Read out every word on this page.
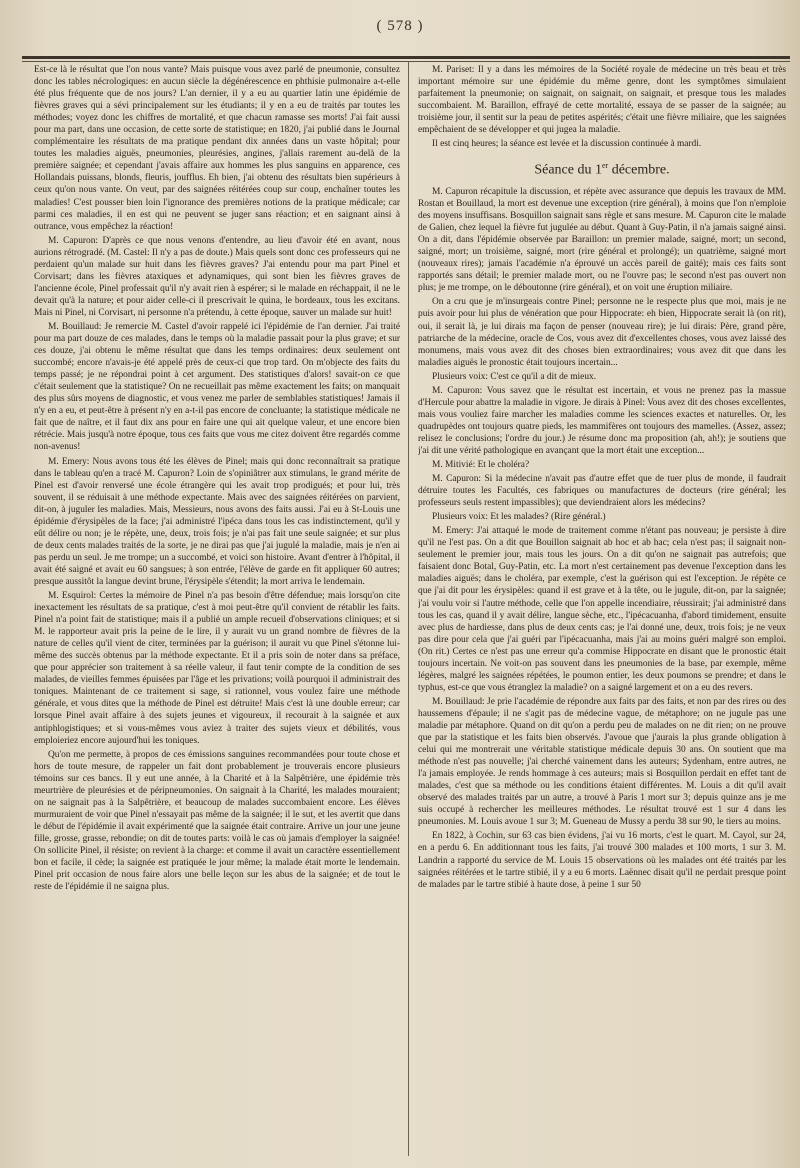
( 578 )

Est-ce là le résultat que l'on nous vante? Mais puisque vous avez parlé de pneumonie, consultez donc les tables nécrologiques: en aucun siècle la dégénérescence en phthisie pulmonaire a-t-elle été plus fréquente que de nos jours? L'an dernier, il y a eu au quartier latin une épidémie de fièvres graves qui a sévi principalement sur les étudiants; il y en a eu de traités par toutes les méthodes; voyez donc les chiffres de mortalité, et que chacun ramasse ses morts! J'ai fait aussi pour ma part, dans une occasion, de cette sorte de statistique; en 1820, j'ai publié dans le Journal complémentaire les résultats de ma pratique pendant dix années dans un vaste hôpital; pour toutes les maladies aiguës, pneumonies, pleurésies, angines, j'allais rarement au-delà de la première saignée; et cependant j'avais affaire aux hommes les plus sanguins en apparence, ces Hollandais puissans, blonds, fleuris, joufflus. Eh bien, j'ai obtenu des résultats bien supérieurs à ceux qu'on nous vante. On veut, par des saignées réitérées coup sur coup, enchaîner toutes les maladies! C'est pousser bien loin l'ignorance des premières notions de la pratique médicale; car parmi ces maladies, il en est qui ne peuvent se juger sans réaction; et en saignant ainsi à outrance, vous empêchez la réaction!

M. Capuron: D'après ce que nous venons d'entendre, au lieu d'avoir été en avant, nous aurions rétrogradé. (M. Castel: Il n'y a pas de doute.) Mais quels sont donc ces professeurs qui ne perdaient qu'un malade sur huit dans les fièvres graves? J'ai entendu pour ma part Pinel et Corvisart; dans les fièvres ataxiques et adynamiques, qui sont bien les fièvres graves de l'ancienne école, Pinel professait qu'il n'y avait rien à espérer; si le malade en réchappait, il ne le devait qu'à la nature; et pour aider celle-ci il prescrivait le quina, le bordeaux, tous les excitans. Mais ni Pinel, ni Corvisart, ni personne n'a prétendu, à cette époque, sauver un malade sur huit!

M. Bouillaud: Je remercie M. Castel d'avoir rappelé ici l'épidémie de l'an dernier. J'ai traité pour ma part douze de ces malades, dans le temps où la maladie passait pour la plus grave; et sur ces douze, j'ai obtenu le même résultat que dans les temps ordinaires: deux seulement ont succombé; encore n'avais-je été appelé près de ceux-ci que trop tard. On m'objecte des faits du temps passé; je ne répondrai point à cet argument. Des statistiques d'alors! savait-on ce que c'était seulement que la statistique? On ne recueillait pas même exactement les faits; on manquait des plus sûrs moyens de diagnostic, et vous venez me parler de semblables statistiques! Jamais il n'y en a eu, et peut-être à présent n'y en a-t-il pas encore de concluante; la statistique médicale ne fait que de naître, et il faut dix ans pour en faire une qui ait quelque valeur, et une encore bien rétrécie. Mais jusqu'à notre époque, tous ces faits que vous me citez doivent être regardés comme non-avenus!

M. Emery: Nous avons tous été les élèves de Pinel; mais qui donc reconnaîtrait sa pratique dans le tableau qu'en a tracé M. Capuron? Loin de s'opiniâtrer aux stimulans, le grand mérite de Pinel est d'avoir renversé une école étrangère qui les avait trop prodigués; et pour lui, très souvent, il se réduisait à une méthode expectante. Mais avec des saignées réitérées on parvient, dit-on, à juguler les maladies. Mais, Messieurs, nous avons des faits aussi. J'ai eu à St-Louis une épidémie d'érysipèles de la face; j'ai administré l'ipéca dans tous les cas indistinctement, qu'il y eût délire ou non; je le répète, une, deux, trois fois; je n'ai pas fait une seule saignée; et sur plus de deux cents malades traités de la sorte, je ne dirai pas que j'ai jugulé la maladie, mais je n'en ai pas perdu un seul. Je me trompe; un a succombé, et voici son histoire. Avant d'entrer à l'hôpital, il avait été saigné et avait eu 60 sangsues; à son entrée, l'élève de garde en fit appliquer 60 autres; presque aussitôt la langue devint brune, l'érysipèle s'étendit; la mort arriva le lendemain.

M. Esquirol: Certes la mémoire de Pinel n'a pas besoin d'être défendue; mais lorsqu'on cite inexactement les résultats de sa pratique, c'est à moi peut-être qu'il convient de rétablir les faits. Pinel n'a point fait de statistique; mais il a publié un ample recueil d'observations cliniques; et si M. le rapporteur avait pris la peine de le lire, il y aurait vu un grand nombre de fièvres de la nature de celles qu'il vient de citer, terminées par la guérison; il aurait vu que Pinel s'étonne lui-même des succès obtenus par la méthode expectante. Et il a pris soin de noter dans sa préface, que pour apprécier son traitement à sa réelle valeur, il faut tenir compte de la condition de ses malades, de vieilles femmes épuisées par l'âge et les privations; voilà pourquoi il administrait des toniques. Maintenant de ce traitement si sage, si rationnel, vous voulez faire une méthode générale, et vous dites que la méthode de Pinel est détruite! Mais c'est là une double erreur; car lorsque Pinel avait affaire à des sujets jeunes et vigoureux, il recourait à la saignée et aux antiphlogistiques; et si vous-mêmes vous aviez à traiter des sujets vieux et débilités, vous emploieriez encore aujourd'hui les toniques.

Qu'on me permette, à propos de ces émissions sanguines recommandées pour toute chose et hors de toute mesure, de rappeler un fait dont probablement je trouverais encore plusieurs témoins sur ces bancs. Il y eut une année, à la Charité et à la Salpêtrière, une épidémie très meurtrière de pleurésies et de péripneumonies. On saignait à la Charité, les malades mouraient; on ne saignait pas à la Salpêtrière, et beaucoup de malades succombaient encore. Les élèves murmuraient de voir que Pinel n'essayait pas même de la saignée; il le sut, et les avertit que dans le début de l'épidémie il avait expérimenté que la saignée était contraire. Arrive un jour une jeune fille, grosse, grasse, rebondie; on dit de toutes parts: voilà le cas où jamais d'employer la saignée! On sollicite Pinel, il résiste; on revient à la charge: et comme il avait un caractère essentiellement bon et facile, il cède; la saignée est pratiquée le jour même; la malade était morte le lendemain. Pinel prit occasion de nous faire alors une belle leçon sur les abus de la saignée; et de tout le reste de l'épidémie il ne saigna plus.

M. Pariset: Il y a dans les mémoires de la Société royale de médecine un très beau et très important mémoire sur une épidémie du même genre, dont les symptômes simulaient parfaitement la pneumonie; on saignait, on saignait, on saignait, et presque tous les malades succombaient. M. Baraillon, effrayé de cette mortalité, essaya de se passer de la saignée; au troisième jour, il sentit sur la peau de petites aspérités; c'était une fièvre miliaire, que les saignées empêchaient de se développer et qui jugea la maladie.

Il est cinq heures; la séance est levée et la discussion continuée à mardi.

Séance du 1er décembre.

M. Capuron récapitule la discussion, et répète avec assurance que depuis les travaux de MM. Rostan et Bouillaud, la mort est devenue une exception (rire général), à moins que l'on n'emploie des moyens insuffisans. Bosquillon saignait sans règle et sans mesure. M. Capuron cite le malade de Galien, chez lequel la fièvre fut jugulée au début. Quant à Guy-Patin, il n'a jamais saigné ainsi. On a dit, dans l'épidémie observée par Baraillon: un premier malade, saigné, mort; un second, saigné, mort; un troisième, saigné, mort (rire général et prolongé); un quatrième, saigné mort (nouveaux rires); jamais l'académie n'a éprouvé un accès pareil de gaité); mais ces faits sont rapportés sans détail; le premier malade mort, ou ne l'ouvre pas; le second n'est pas ouvert non plus; je me trompe, on le déboutonne (rire général), et on voit une éruption miliaire.

On a cru que je m'insurgeais contre Pinel; personne ne le respecte plus que moi, mais je ne puis avoir pour lui plus de vénération que pour Hippocrate: eh bien, Hippocrate serait là (on rit), oui, il serait là, je lui dirais ma façon de penser (nouveau rire); je lui dirais: Père, grand père, patriarche de la médecine, oracle de Cos, vous avez dit d'excellentes choses, vous avez laissé des monumens, mais vous avez dit des choses bien extraordinaires; vous avez dit que dans les maladies aiguës le pronostic était toujours incertain...

Plusieurs voix: C'est ce qu'il a dit de mieux.

M. Capuron: Vous savez que le résultat est incertain, et vous ne prenez pas la massue d'Hercule pour abattre la maladie in vigore. Je dirais à Pinel: Vous avez dit des choses excellentes, mais vous vouliez faire marcher les maladies comme les sciences exactes et naturelles. Or, les quadrupèdes ont toujours quatre pieds, les mammifères ont toujours des mamelles. (Assez, assez; relisez le conclusions; l'ordre du jour.) Je résume donc ma proposition (ah, ah!); je soutiens que j'ai dit une vérité pathologique en avançant que la mort était une exception...

M. Mitivié: Et le choléra?

M. Capuron: Si la médecine n'avait pas d'autre effet que de tuer plus de monde, il faudrait détruire toutes les Facultés, ces fabriques ou manufactures de docteurs (rire général; les professeurs seuls restent impassibles); que deviendraient alors les médecins?

Plusieurs voix: Et les malades? (Rire général.)

M. Emery: J'ai attaqué le mode de traitement comme n'étant pas nouveau; je persiste à dire qu'il ne l'est pas. On a dit que Bouillon saignait ab hoc et ab hac; cela n'est pas; il saignait non-seulement le premier jour, mais tous les jours. On a dit qu'on ne saignait pas autrefois; que faisaient donc Botal, Guy-Patin, etc. La mort n'est certainement pas devenue l'exception dans les maladies aiguës; dans le choléra, par exemple, c'est la guérison qui est l'exception. Je répète ce que j'ai dit pour les érysipèles: quand il est grave et à la tête, ou le jugule, dit-on, par la saignée; j'ai voulu voir si l'autre méthode, celle que l'on appelle incendiaire, réussirait; j'ai administré dans tous les cas, quand il y avait délire, langue sèche, etc., l'ipécacuanha, d'abord timidement, ensuite avec plus de hardiesse, dans plus de deux cents cas; je l'ai donné une, deux, trois fois; je ne veux pas dire pour cela que j'ai guéri par l'ipécacuanha, mais j'ai au moins guéri malgré son emploi. (On rit.) Certes ce n'est pas une erreur qu'a commise Hippocrate en disant que le pronostic était toujours incertain. Ne voit-on pas souvent dans les pneumonies de la base, par exemple, même légères, malgré les saignées répétées, le poumon entier, les deux poumons se prendre; et dans le typhus, est-ce que vous étranglez la maladie? on a saigné largement et on a eu des revers.

M. Bouillaud: Je prie l'académie de répondre aux faits par des faits, et non par des rires ou des haussemens d'épaule; il ne s'agit pas de médecine vague, de métaphore; on ne jugule pas une maladie par métaphore. Quand on dit qu'on a perdu peu de malades on ne dit rien; on ne prouve que par la statistique et les faits bien observés. J'avoue que j'aurais la plus grande obligation à celui qui me montrerait une véritable statistique médicale depuis 30 ans. On soutient que ma méthode n'est pas nouvelle; j'ai cherché vainement dans les auteurs; Sydenham, entre autres, ne l'a jamais employée. Je rends hommage à ces auteurs; mais si Bosquillon perdait en effet tant de malades, c'est que sa méthode ou les conditions étaient différentes. M. Louis a dit qu'il avait observé des malades traités par un autre, a trouvé à Paris 1 mort sur 3; depuis quinze ans je me suis occupé à rechercher les meilleures méthodes. Le résultat trouvé est 1 sur 4 dans les pneumonies. M. Louis avoue 1 sur 3; M. Gueneau de Mussy a perdu 38 sur 90, le tiers au moins.

En 1822, à Cochin, sur 63 cas bien évidens, j'ai vu 16 morts, c'est le quart. M. Cayol, sur 24, en a perdu 6. En additionnant tous les faits, j'ai trouvé 300 malades et 100 morts, 1 sur 3. M. Landrin a rapporté du service de M. Louis 15 observations où les malades ont été traités par les saignées réitérées et le tartre stibié, il y a eu 6 morts. Laënnec disait qu'il ne perdait presque point de malades par le tartre stibié à haute dose, à peine 1 sur 50
